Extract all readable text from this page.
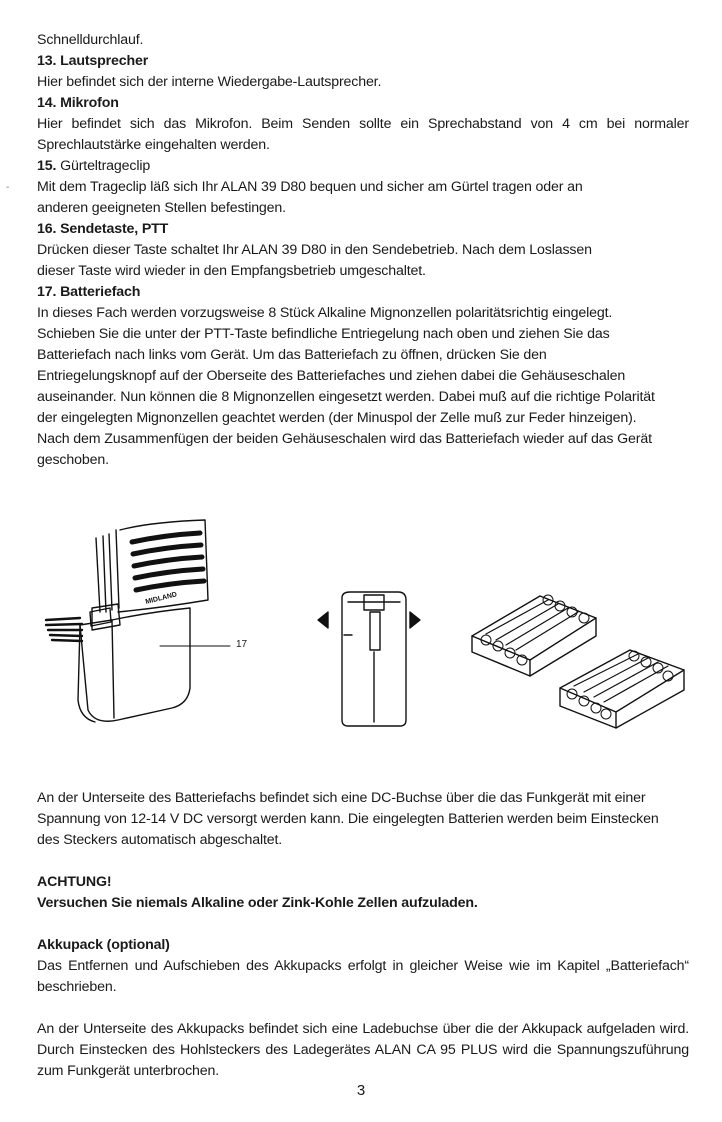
Schnelldurchlauf.
13. Lautsprecher
Hier befindet sich der interne Wiedergabe-Lautsprecher.
14. Mikrofon
Hier befindet sich das Mikrofon. Beim Senden sollte ein Sprechabstand von 4 cm bei normaler
Sprechlautstärke eingehalten werden.
15. Gürteltrageclip
Mit dem Trageclip läß sich Ihr ALAN 39 D80 bequen und sicher am Gürtel tragen oder an
anderen geeigneten Stellen befestingen.
16. Sendetaste, PTT
Drücken dieser Taste schaltet Ihr ALAN 39 D80 in den Sendebetrieb. Nach dem Loslassen
dieser Taste wird wieder in den Empfangsbetrieb umgeschaltet.
17. Batteriefach
In dieses Fach werden vorzugsweise 8 Stück Alkaline Mignonzellen polaritätsrichtig eingelegt.
Schieben Sie die unter der PTT-Taste befindliche Entriegelung nach oben und ziehen Sie das
Batteriefach nach links vom Gerät. Um das Batteriefach zu öffnen, drücken Sie den
Entriegelungsknopf auf der Oberseite des Batteriefaches und ziehen dabei die Gehäuseschalen
auseinander. Nun können die 8 Mignonzellen eingesetzt werden. Dabei muß auf die richtige Polarität
der eingelegten Mignonzellen geachtet werden (der Minuspol der Zelle muß zur Feder hinzeigen).
Nach dem Zusammenfügen der beiden Gehäuseschalen wird das Batteriefach wieder auf das Gerät
geschoben.
-
MIDLAND
17
An der Unterseite des Batteriefachs befindet sich eine DC-Buchse über die das Funkgerät mit einer
Spannung von 12-14 V DC versorgt werden kann. Die eingelegten Batterien werden beim Einstecken
des Steckers automatisch abgeschaltet.
ACHTUNG!
Versuchen Sie niemals Alkaline oder Zink-Kohle Zellen aufzuladen.
Akkupack (optional)
Das Entfernen und Aufschieben des Akkupacks erfolgt in gleicher Weise wie im Kapitel „Batteriefach“
beschrieben.
An der Unterseite des Akkupacks befindet sich eine Ladebuchse über die der Akkupack aufgeladen wird.
Durch Einstecken des Hohlsteckers des Ladegerätes ALAN CA 95 PLUS wird die Spannungszuführung
zum Funkgerät unterbrochen.
3
